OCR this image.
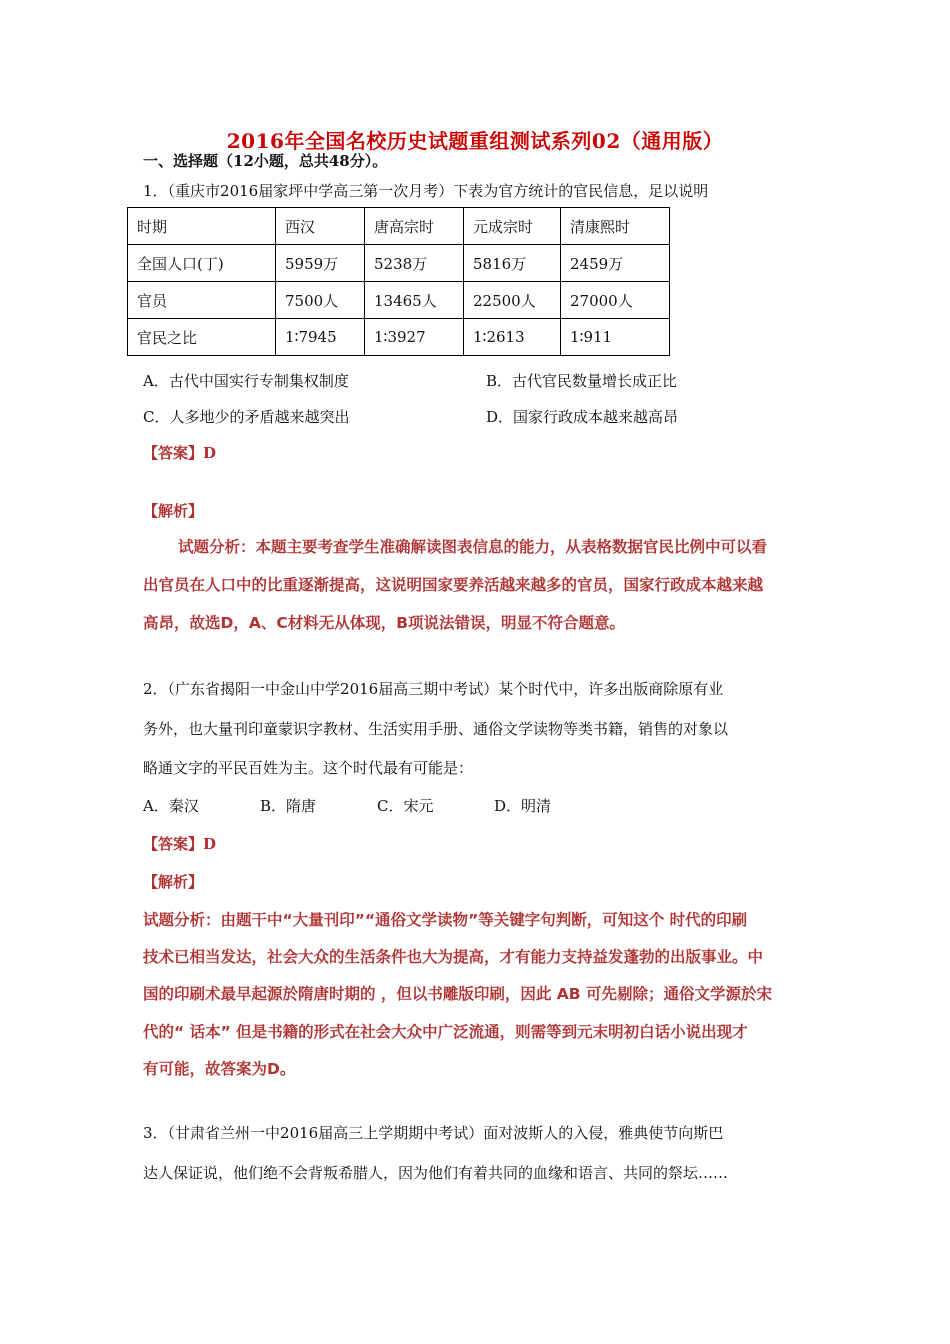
2016年全国名校历史试题重组测试系列02（通用版）
一、选择题（12小题，总共48分）。
1．（重庆市2016届家坪中学高三第一次月考）下表为官方统计的官民信息，足以说明
时期	西汉	唐高宗时	元成宗时	清康熙时
全国人口(丁)	5959万	5238万	5816万	2459万
官员	7500人	13465人	22500人	27000人
官民之比	1∶7945	1∶3927	1∶2613	1∶911
A．古代中国实行专制集权制度	B．古代官民数量增长成正比
C．人多地少的矛盾越来越突出	D．国家行政成本越来越高昂
【答案】D
【解析】
试题分析：本题主要考查学生准确解读图表信息的能力，从表格数据官民比例中可以看
出官员在人口中的比重逐渐提高，这说明国家要养活越来越多的官员，国家行政成本越来越
高昂，故选D，A、C材料无从体现，B项说法错误，明显不符合题意。
2．（广东省揭阳一中金山中学2016届高三期中考试）某个时代中，许多出版商除原有业
务外，也大量刊印童蒙识字教材、生活实用手册、通俗文学读物等类书籍，销售的对象以
略通文字的平民百姓为主。这个时代最有可能是：
A．秦汉	B．隋唐	C．宋元	D．明清
【答案】D
【解析】
试题分析：由题干中“大量刊印”“通俗文学读物”等关键字句判断，可知这个 时代的印刷
技术已相当发达，社会大众的生活条件也大为提高，才有能力支持益发蓬勃的出版事业。中
国的印刷术最早起源於隋唐时期的 ，但以书雕版印刷，因此 AB 可先剔除；通俗文学源於宋
代的“ 话本” 但是书籍的形式在社会大众中广泛流通，则需等到元末明初白话小说出现才
有可能，故答案为D。
3．（甘肃省兰州一中2016届高三上学期期中考试）面对波斯人的入侵，雅典使节向斯巴
达人保证说，他们绝不会背叛希腊人，因为他们有着共同的血缘和语言、共同的祭坛……
